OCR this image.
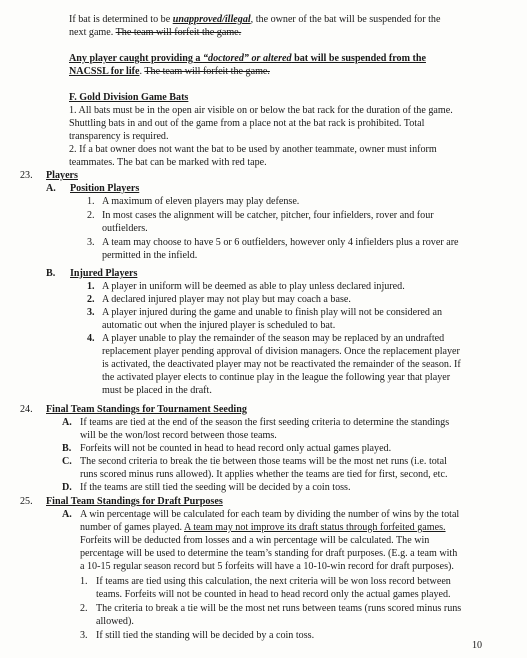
If bat is determined to be unapproved/illegal, the owner of the bat will be suspended for the
next game. The team will forfeit the game.
Any player caught providing a “doctored” or altered bat will be suspended from the
NACSSL for life. The team will forfeit the game.
F. Gold Division Game Bats
1. All bats must be in the open air visible on or below the bat rack for the duration of the game.
Shuttling bats in and out of the game from a place not at the bat rack is prohibited. Total
transparency is required.
2. If a bat owner does not want the bat to be used by another teammate, owner must inform
teammates. The bat can be marked with red tape.
23. Players
A. Position Players
1. A maximum of eleven players may play defense.
2. In most cases the alignment will be catcher, pitcher, four infielders, rover and four
outfielders.
3. A team may choose to have 5 or 6 outfielders, however only 4 infielders plus a rover are
permitted in the infield.
B. Injured Players
1. A player in uniform will be deemed as able to play unless declared injured.
2. A declared injured player may not play but may coach a base.
3. A player injured during the game and unable to finish play will not be considered an
automatic out when the injured player is scheduled to bat.
4. A player unable to play the remainder of the season may be replaced by an undrafted
replacement player pending approval of division managers. Once the replacement player
is activated, the deactivated player may not be reactivated the remainder of the season. If
the activated player elects to continue play in the league the following year that player
must be placed in the draft.
24. Final Team Standings for Tournament Seeding
A. If teams are tied at the end of the season the first seeding criteria to determine the standings
will be the won/lost record between those teams.
B. Forfeits will not be counted in head to head record only actual games played.
C. The second criteria to break the tie between those teams will be the most net runs (i.e. total
runs scored minus runs allowed). It applies whether the teams are tied for first, second, etc.
D. If the teams are still tied the seeding will be decided by a coin toss.
25. Final Team Standings for Draft Purposes
A. A win percentage will be calculated for each team by dividing the number of wins by the total
number of games played. A team may not improve its draft status through forfeited games.
Forfeits will be deducted from losses and a win percentage will be calculated. The win
percentage will be used to determine the team’s standing for draft purposes. (E.g. a team with
a 10-15 regular season record but 5 forfeits will have a 10-10-win record for draft purposes).
1. If teams are tied using this calculation, the next criteria will be won loss record between
teams. Forfeits will not be counted in head to head record only the actual games played.
2. The criteria to break a tie will be the most net runs between teams (runs scored minus runs
allowed).
3. If still tied the standing will be decided by a coin toss.
10
